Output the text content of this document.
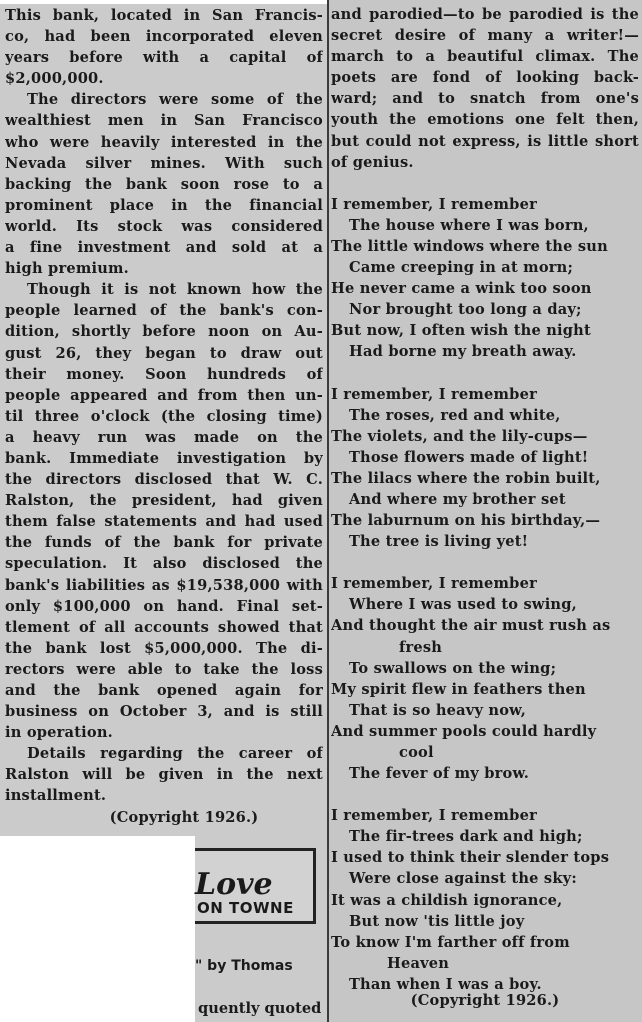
This bank, located in San Francis-
co, had been incorporated eleven
years before with a capital of
$2,000,000.
The directors were some of the
wealthiest men in San Francisco
who were heavily interested in the
Nevada silver mines. With such
backing the bank soon rose to a
prominent place in the financial
world. Its stock was considered
a fine investment and sold at a
high premium.
Though it is not known how the
people learned of the bank's con-
dition, shortly before noon on Au-
gust 26, they began to draw out
their money. Soon hundreds of
people appeared and from then un-
til three o'clock (the closing time)
a heavy run was made on the
bank. Immediate investigation by
the directors disclosed that W. C.
Ralston, the president, had given
them false statements and had used
the funds of the bank for private
speculation. It also disclosed the
bank's liabilities as $19,538,000 with
only $100,000 on hand. Final set-
tlement of all accounts showed that
the bank lost $5,000,000. The di-
rectors were able to take the loss
and the bank opened again for
business on October 3, and is still
in operation.
Details regarding the career of
Ralston will be given in the next
installment.
(Copyright 1926.)
Love
ON TOWNE
" by Thomas
quently quoted
and parodied—to be parodied is the
secret desire of many a writer!—
march to a beautiful climax. The
poets are fond of looking back-
ward; and to snatch from one's
youth the emotions one felt then,
but could not express, is little short
of genius.
I remember, I remember
The house where I was born,
The little windows where the sun
Came creeping in at morn;
He never came a wink too soon
Nor brought too long a day;
But now, I often wish the night
Had borne my breath away.
I remember, I remember
The roses, red and white,
The violets, and the lily-cups—
Those flowers made of light!
The lilacs where the robin built,
And where my brother set
The laburnum on his birthday,—
The tree is living yet!
I remember, I remember
Where I was used to swing,
And thought the air must rush as
fresh
To swallows on the wing;
My spirit flew in feathers then
That is so heavy now,
And summer pools could hardly
cool
The fever of my brow.
I remember, I remember
The fir-trees dark and high;
I used to think their slender tops
Were close against the sky:
It was a childish ignorance,
But now 'tis little joy
To know I'm farther off from
Heaven
Than when I was a boy.
(Copyright 1926.)
